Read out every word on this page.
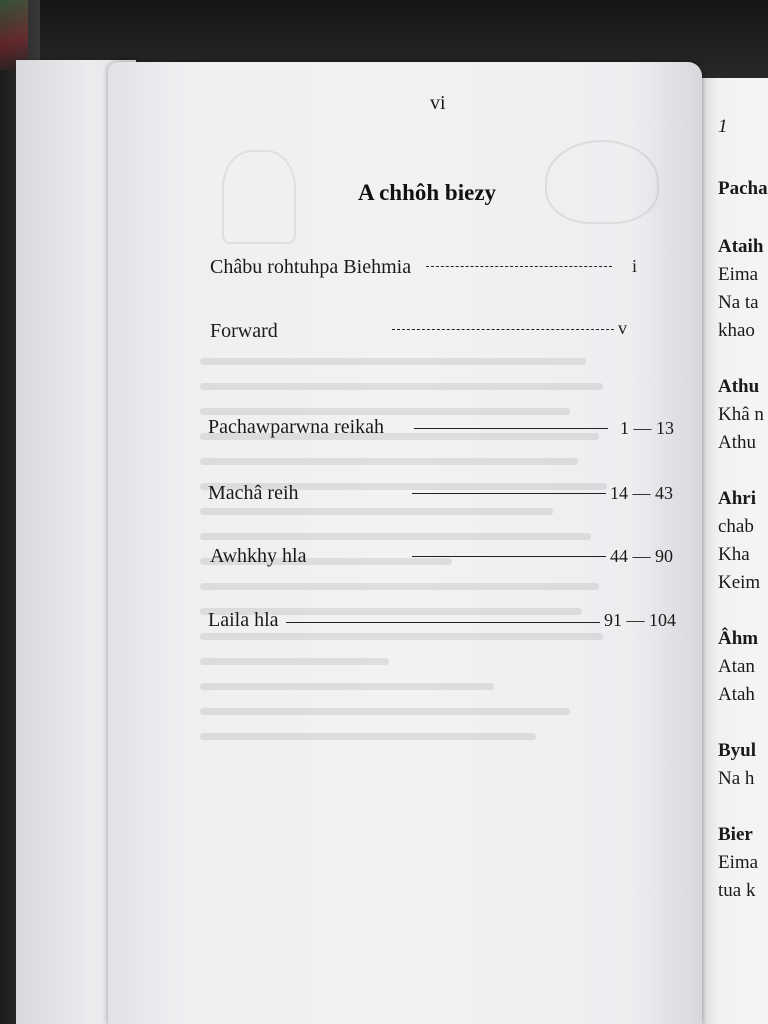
1
Pacha
Ataih
Eima
Na ta
khao
Athu
Khâ n
Athu
Ahri
chab
Kha
Keim
Âhm
Atan
Atah
Byul
Na h
Bier
Eima
tua k
vi
A chhôh biezy
Châbu rohtuhpa Biehmia	i
Forward	v
Pachawparwna reikah	1 — 13
Machâ reih	14 — 43
Awhkhy hla	44 — 90
Laila hla	91 — 104
